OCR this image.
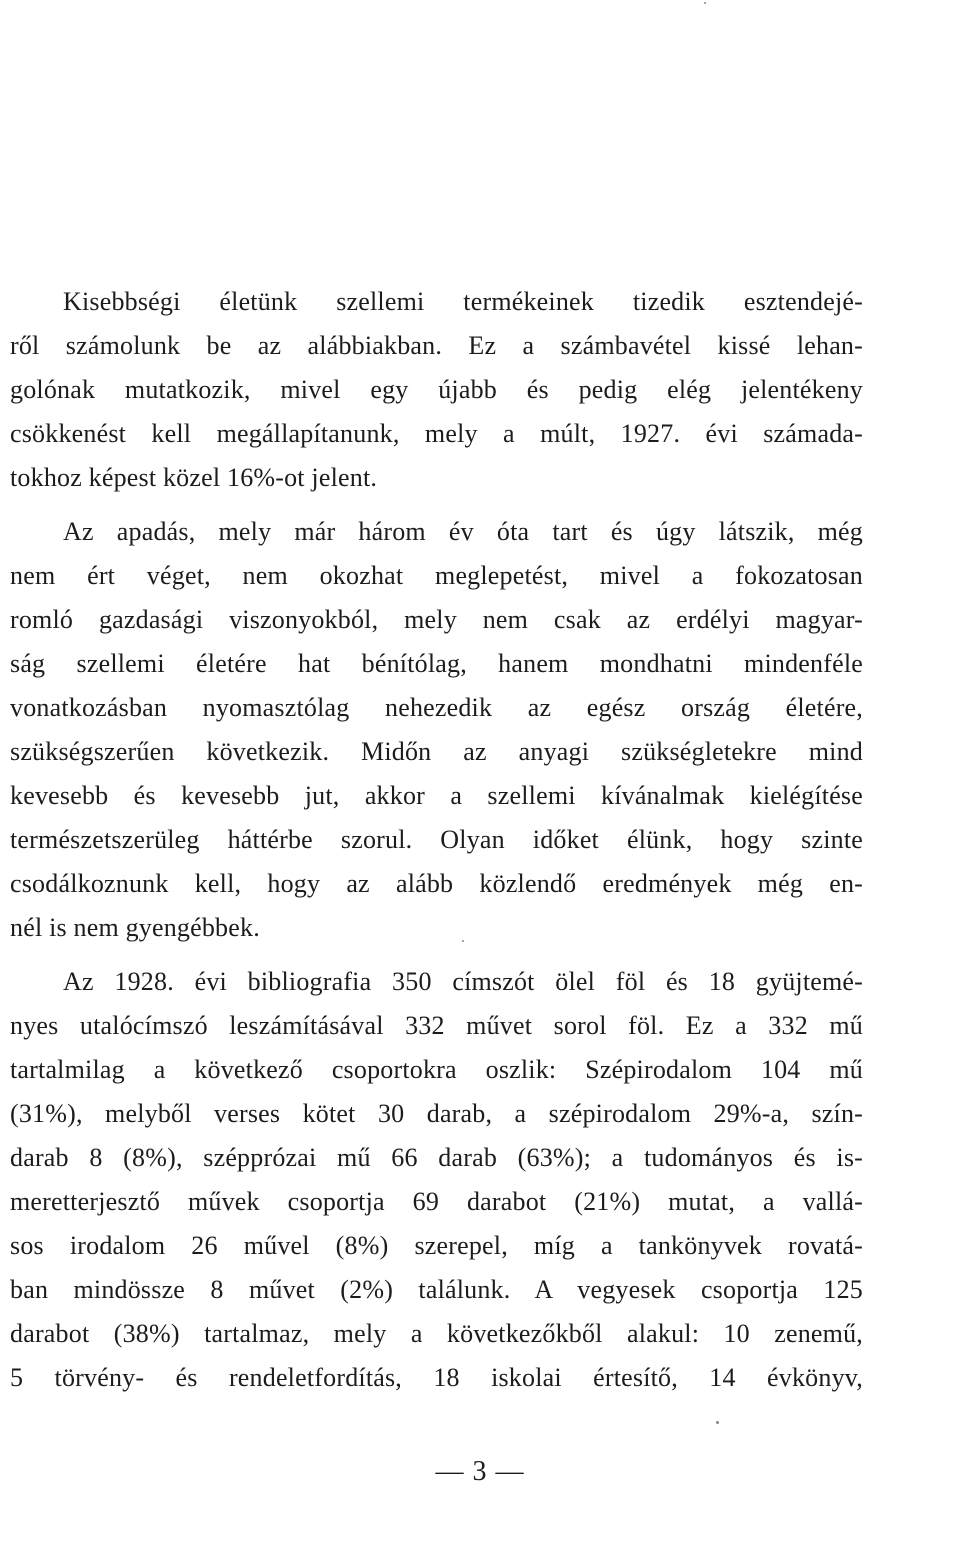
Kisebbségi életünk szellemi termékeinek tizedik esztendejé-
ről számolunk be az alábbiakban. Ez a számbavétel kissé lehan-
golónak mutatkozik, mivel egy újabb és pedig elég jelentékeny
csökkenést kell megállapítanunk, mely a múlt, 1927. évi számada-
tokhoz képest közel 16%-ot jelent.
Az apadás, mely már három év óta tart és úgy látszik, még
nem ért véget, nem okozhat meglepetést, mivel a fokozatosan
romló gazdasági viszonyokból, mely nem csak az erdélyi magyar-
ság szellemi életére hat bénítólag, hanem mondhatni mindenféle
vonatkozásban nyomasztólag nehezedik az egész ország életére,
szükségszerűen következik. Midőn az anyagi szükségletekre mind
kevesebb és kevesebb jut, akkor a szellemi kívánalmak kielégítése
természetszerüleg háttérbe szorul. Olyan időket élünk, hogy szinte
csodálkoznunk kell, hogy az alább közlendő eredmények még en-
nél is nem gyengébbek.
Az 1928. évi bibliografia 350 címszót ölel föl és 18 gyüjtemé-
nyes utalócímszó leszámításával 332 művet sorol föl. Ez a 332 mű
tartalmilag a következő csoportokra oszlik: Szépirodalom 104 mű
(31%), melyből verses kötet 30 darab, a szépirodalom 29%-a, szín-
darab 8 (8%), szépprózai mű 66 darab (63%); a tudományos és is-
meretterjesztő művek csoportja 69 darabot (21%) mutat, a vallá-
sos irodalom 26 művel (8%) szerepel, míg a tankönyvek rovatá-
ban mindössze 8 művet (2%) találunk. A vegyesek csoportja 125
darabot (38%) tartalmaz, mely a következőkből alakul: 10 zenemű,
5 törvény- és rendeletfordítás, 18 iskolai értesítő, 14 évkönyv,
— 3 —
